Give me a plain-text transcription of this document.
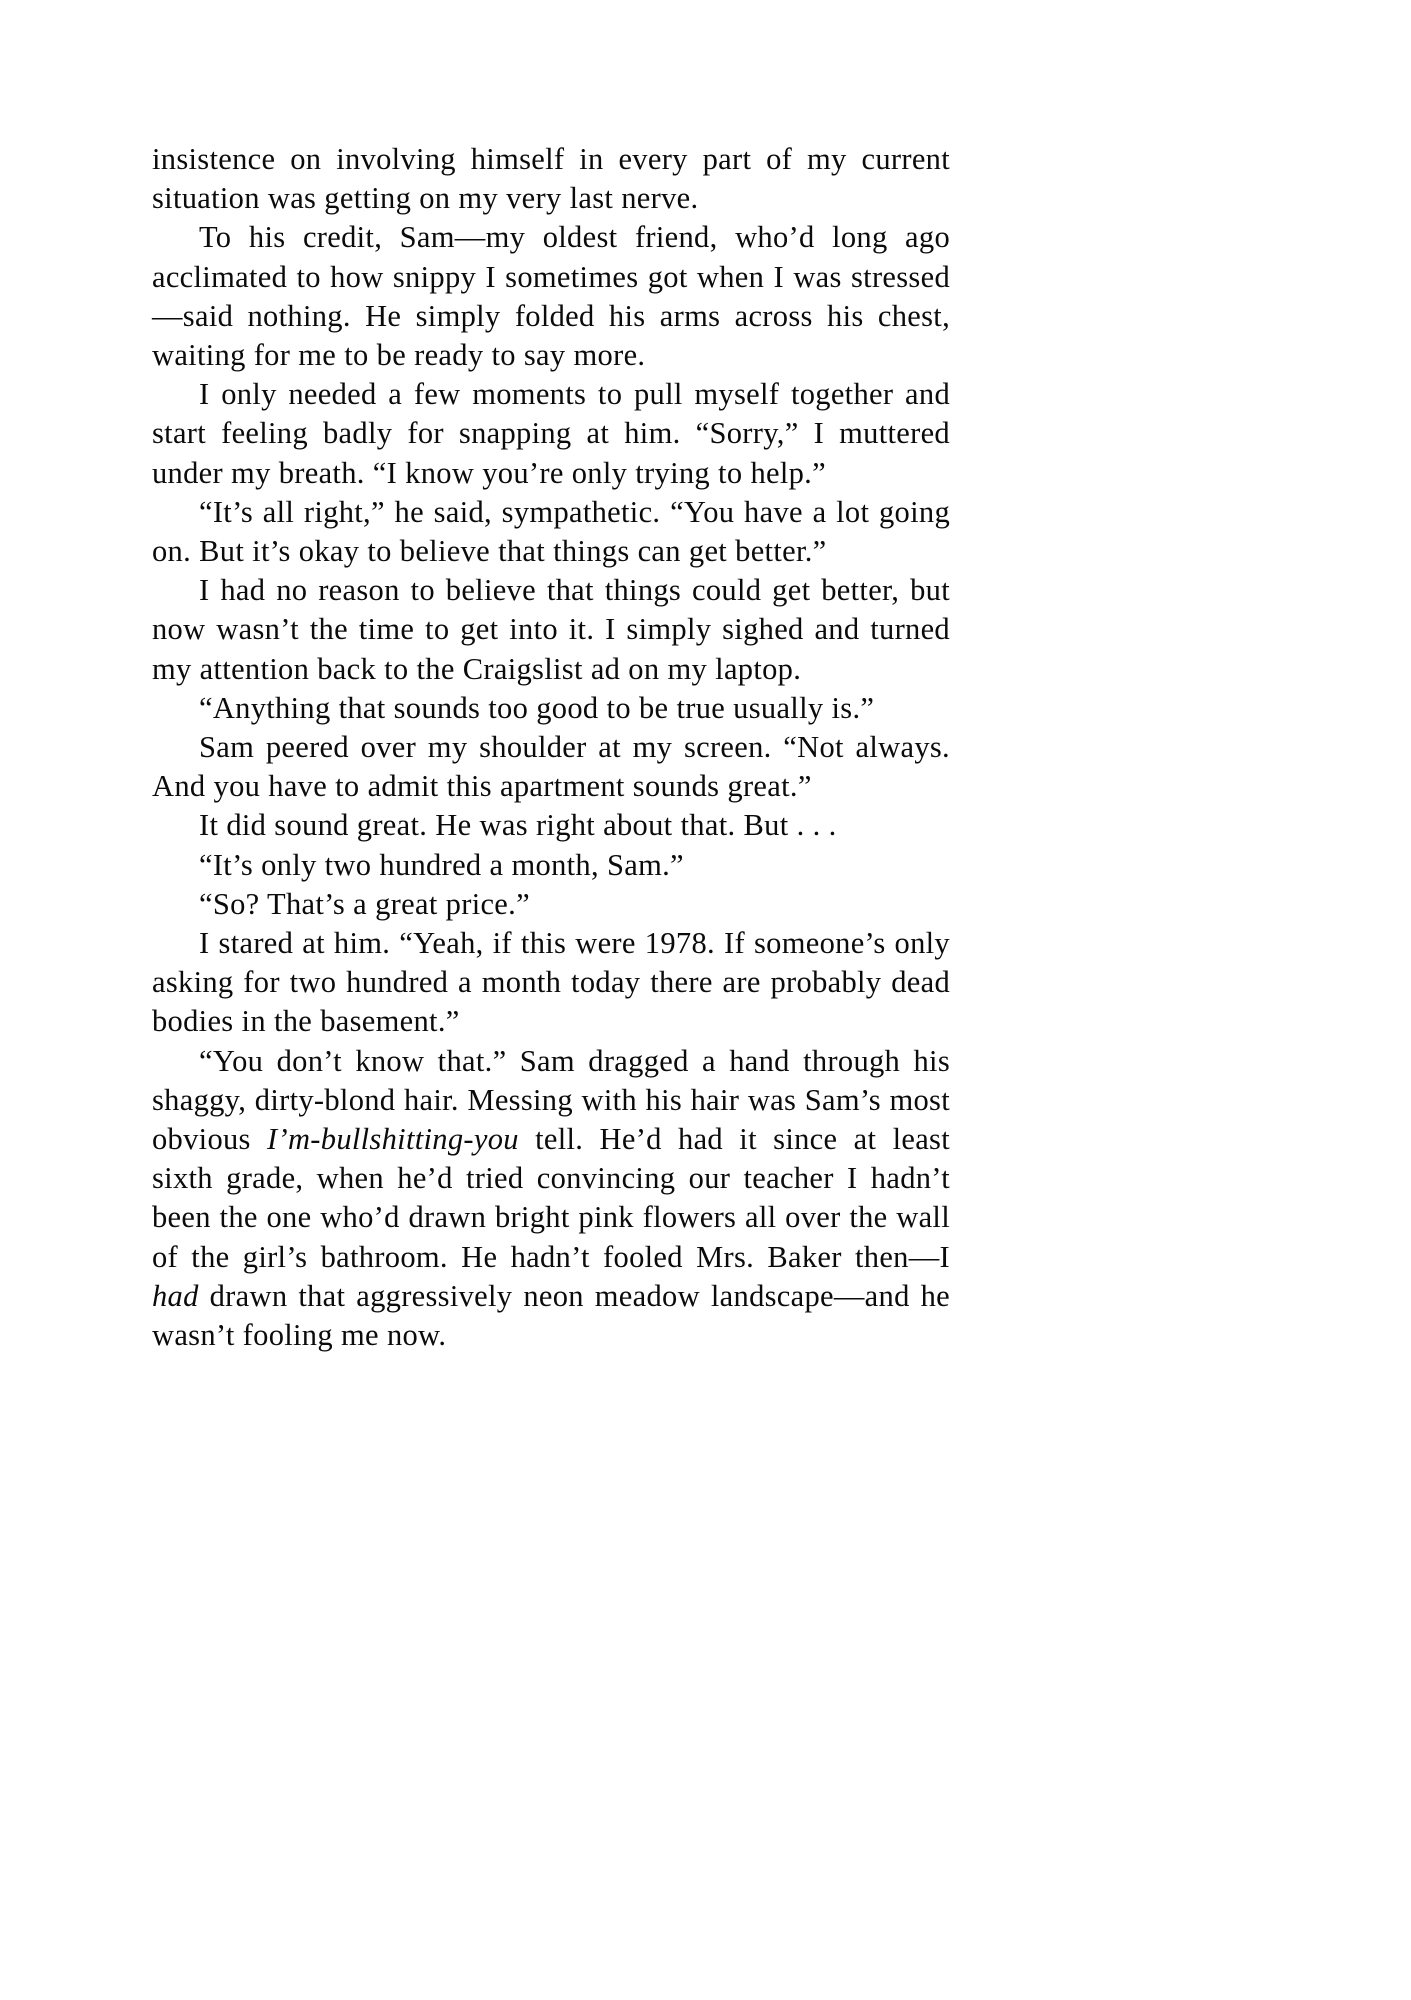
insistence on involving himself in every part of my current situation was getting on my very last nerve.

To his credit, Sam—my oldest friend, who’d long ago acclimated to how snippy I sometimes got when I was stressed—said nothing. He simply folded his arms across his chest, waiting for me to be ready to say more.

I only needed a few moments to pull myself together and start feeling badly for snapping at him. “Sorry,” I muttered under my breath. “I know you’re only trying to help.”

“It’s all right,” he said, sympathetic. “You have a lot going on. But it’s okay to believe that things can get better.”

I had no reason to believe that things could get better, but now wasn’t the time to get into it. I simply sighed and turned my attention back to the Craigslist ad on my laptop.

“Anything that sounds too good to be true usually is.”

Sam peered over my shoulder at my screen. “Not always. And you have to admit this apartment sounds great.”

It did sound great. He was right about that. But . . .

“It’s only two hundred a month, Sam.”

“So? That’s a great price.”

I stared at him. “Yeah, if this were 1978. If someone’s only asking for two hundred a month today there are probably dead bodies in the basement.”

“You don’t know that.” Sam dragged a hand through his shaggy, dirty-blond hair. Messing with his hair was Sam’s most obvious I’m-bullshitting-you tell. He’d had it since at least sixth grade, when he’d tried convincing our teacher I hadn’t been the one who’d drawn bright pink flowers all over the wall of the girl’s bathroom. He hadn’t fooled Mrs. Baker then—I had drawn that aggressively neon meadow landscape—and he wasn’t fooling me now.
